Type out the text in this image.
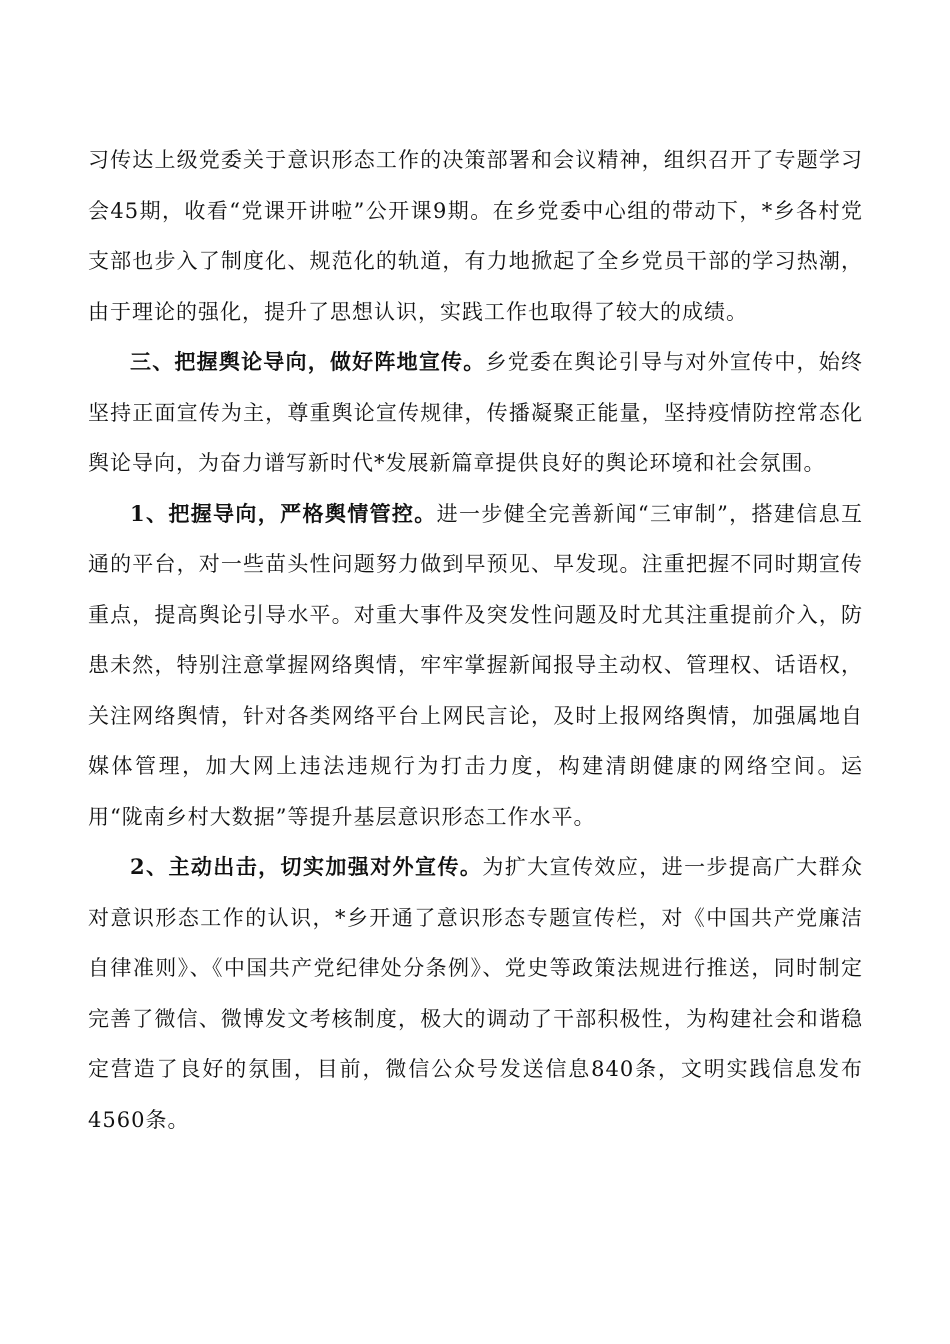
习传达上级党委关于意识形态工作的决策部署和会议精神，组织召开了专题学习会45期，收看“党课开讲啦”公开课9期。在乡党委中心组的带动下，*乡各村党支部也步入了制度化、规范化的轨道，有力地掀起了全乡党员干部的学习热潮，由于理论的强化，提升了思想认识，实践工作也取得了较大的成绩。

三、把握舆论导向，做好阵地宣传。乡党委在舆论引导与对外宣传中，始终坚持正面宣传为主，尊重舆论宣传规律，传播凝聚正能量，坚持疫情防控常态化舆论导向，为奋力谱写新时代*发展新篇章提供良好的舆论环境和社会氛围。

1、把握导向，严格舆情管控。进一步健全完善新闻“三审制”，搭建信息互通的平台，对一些苗头性问题努力做到早预见、早发现。注重把握不同时期宣传重点，提高舆论引导水平。对重大事件及突发性问题及时尤其注重提前介入，防患未然，特别注意掌握网络舆情，牢牢掌握新闻报导主动权、管理权、话语权，关注网络舆情，针对各类网络平台上网民言论，及时上报网络舆情，加强属地自媒体管理，加大网上违法违规行为打击力度，构建清朗健康的网络空间。运用“陇南乡村大数据”等提升基层意识形态工作水平。

2、主动出击，切实加强对外宣传。为扩大宣传效应，进一步提高广大群众对意识形态工作的认识，*乡开通了意识形态专题宣传栏，对《中国共产党廉洁自律准则》、《中国共产党纪律处分条例》、党史等政策法规进行推送，同时制定完善了微信、微博发文考核制度，极大的调动了干部积极性，为构建社会和谐稳定营造了良好的氛围，目前，微信公众号发送信息840条，文明实践信息发布4560条。
